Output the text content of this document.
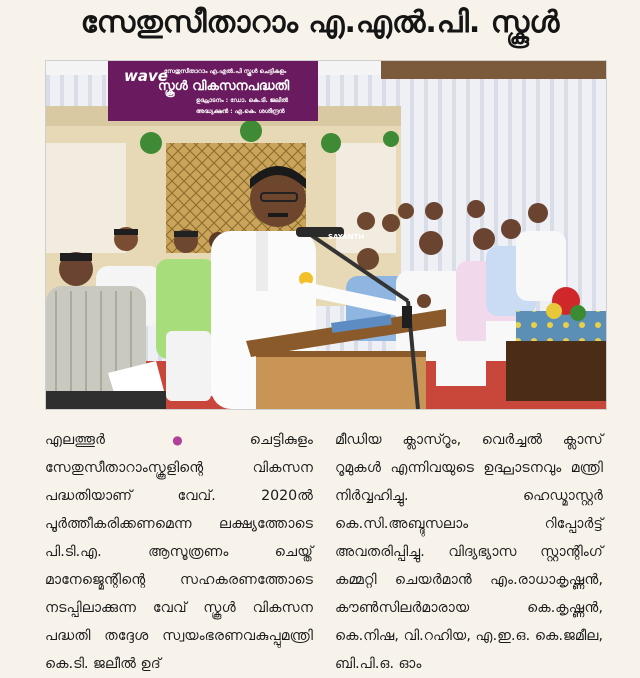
സേതുസീതാറാം എ.എൽ.പി. സ്കൂൾ
wave
സേതുസീതാറാം എ.എൽ.പി സ്കൂൾ ചെട്ടികുളം
സ്കൂൾ വികസനപദ്ധതി
ഉദ്ഘാടനം : ഡോ. കെ.ടി. ജലീൽ
അദ്ധ്യക്ഷൻ : എ.കെ. ശശീന്ദ്രൻ
SAYANTH
എലത്തൂർ ● ചെട്ടികുളം സേതുസീതാറാംസ്കൂളിന്റെ വികസന പദ്ധതിയാണ് വേവ്. 2020ൽ പൂർത്തീകരിക്കണമെന്ന ലക്ഷ്യത്തോടെ പി.ടി.എ. ആസൂത്രണം ചെയ്ത് മാനേജ്മെന്റിന്റെ സഹകരണത്തോടെ നടപ്പിലാക്കുന്ന വേവ് സ്കൂൾ വികസന പദ്ധതി തദ്ദേശ സ്വയംഭരണവകുപ്പുമന്ത്രി കെ.ടി. ജലീൽ ഉദ്
മീഡിയ ക്ലാസ്റൂം, വെർച്ചൽ ക്ലാസ് റൂമുകൾ എന്നിവയുടെ ഉദ്ഘാടനവും മന്ത്രി നിർവ്വഹിച്ചു. ഹെഡ്മാസ്റ്റർ കെ.സി.അബ്ദുസലാം റിപ്പോർട്ട് അവതരിപ്പിച്ചു. വിദ്യഭ്യാസ സ്റ്റാന്റിംഗ് കമ്മറ്റി ചെയർമാൻ എം.രാധാകൃഷ്ണൻ, കൗൺസിലർമാരായ കെ.കൃഷ്ണൻ, കെ.നിഷ, വി.റഹിയ, എ.ഇ.ഒ. കെ.ജമീല, ബി.പി.ഒ. ഓം
